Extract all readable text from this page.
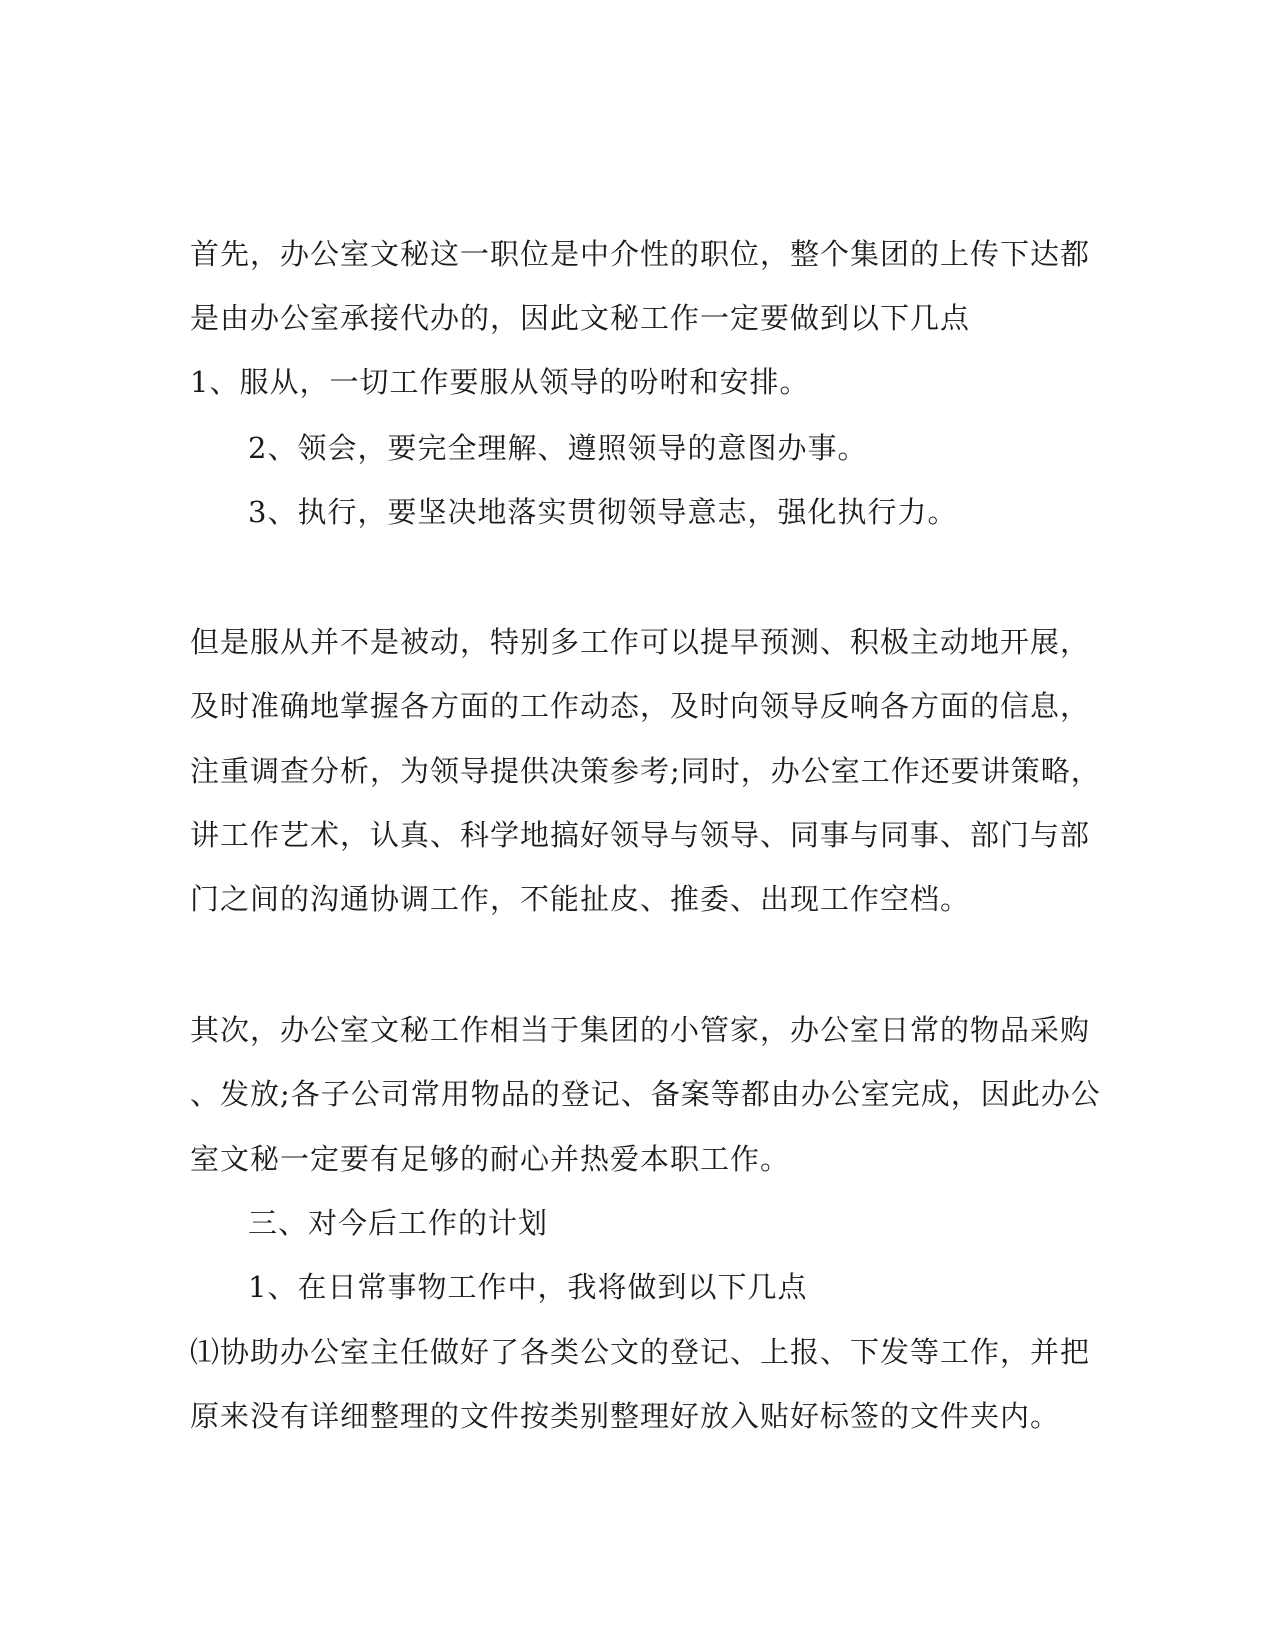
首先，办公室文秘这一职位是中介性的职位，整个集团的上传下达都
是由办公室承接代办的，因此文秘工作一定要做到以下几点
1、服从，一切工作要服从领导的吩咐和安排。
2、领会，要完全理解、遵照领导的意图办事。
3、执行，要坚决地落实贯彻领导意志，强化执行力。
但是服从并不是被动，特别多工作可以提早预测、积极主动地开展，
及时准确地掌握各方面的工作动态，及时向领导反响各方面的信息，
注重调查分析，为领导提供决策参考;同时，办公室工作还要讲策略，
讲工作艺术，认真、科学地搞好领导与领导、同事与同事、部门与部
门之间的沟通协调工作，不能扯皮、推委、出现工作空档。
其次，办公室文秘工作相当于集团的小管家，办公室日常的物品采购
、发放;各子公司常用物品的登记、备案等都由办公室完成，因此办公
室文秘一定要有足够的耐心并热爱本职工作。
三、对今后工作的计划
1、在日常事物工作中，我将做到以下几点
⑴协助办公室主任做好了各类公文的登记、上报、下发等工作，并把
原来没有详细整理的文件按类别整理好放入贴好标签的文件夹内。
